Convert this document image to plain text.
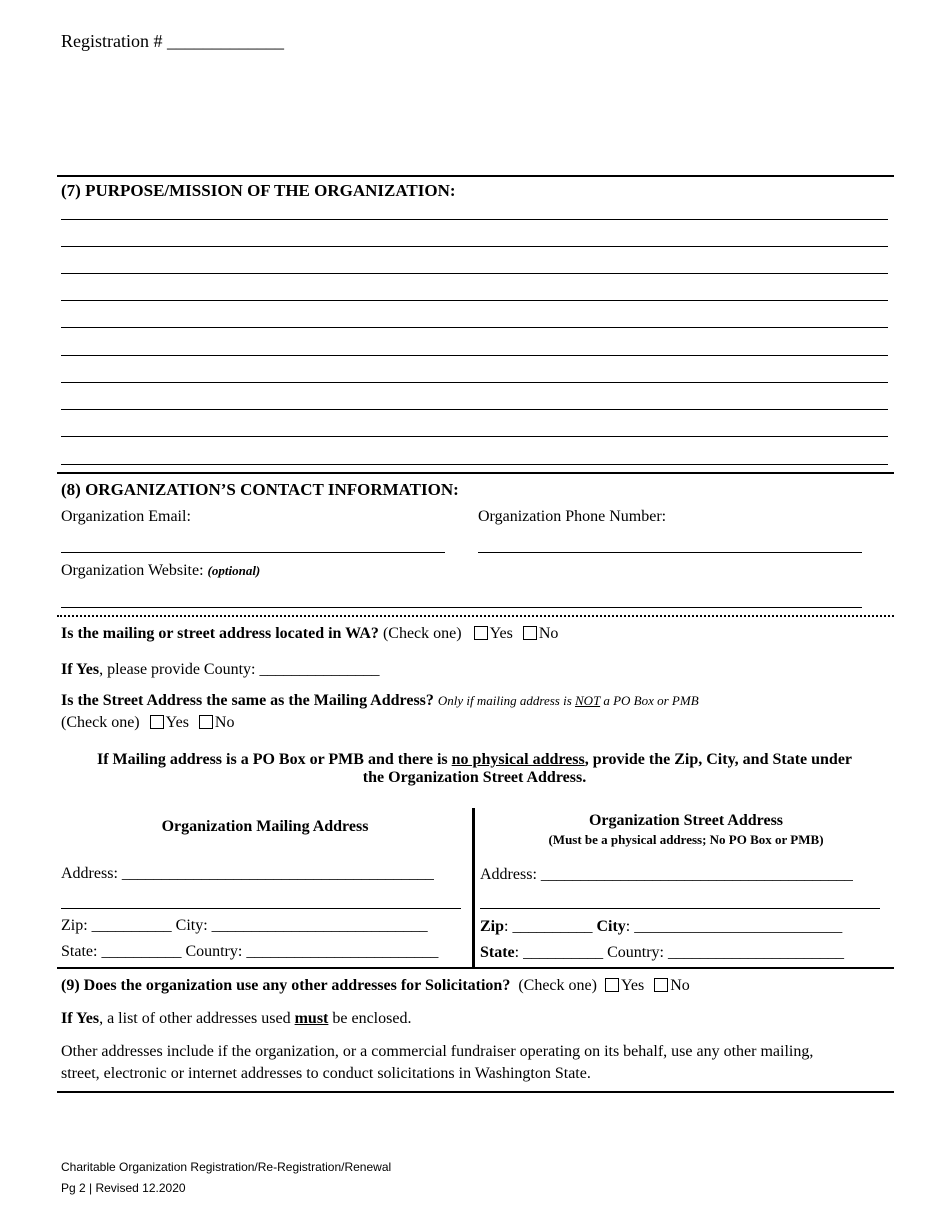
Registration # _____________
(7) PURPOSE/MISSION OF THE ORGANIZATION:
(8) ORGANIZATION’S CONTACT INFORMATION:
Organization Email:	Organization Phone Number:
Organization Website: (optional)
Is the mailing or street address located in WA? (Check one) Yes No
If Yes, please provide County: _______________
Is the Street Address the same as the Mailing Address? Only if mailing address is NOT a PO Box or PMB
(Check one) Yes No
If Mailing address is a PO Box or PMB and there is no physical address, provide the Zip, City, and State under
the Organization Street Address.
Organization Mailing Address
Address: _______________________________________
Zip: __________ City: ___________________________
State: __________ Country: ________________________
Organization Street Address
(Must be a physical address; No PO Box or PMB)
Address: _______________________________________
Zip: __________ City: __________________________
State: __________ Country: ______________________
(9) Does the organization use any other addresses for Solicitation? (Check one) Yes No
If Yes, a list of other addresses used must be enclosed.
Other addresses include if the organization, or a commercial fundraiser operating on its behalf, use any other mailing,
street, electronic or internet addresses to conduct solicitations in Washington State.
Charitable Organization Registration/Re-Registration/Renewal
Pg 2 | Revised 12.2020
